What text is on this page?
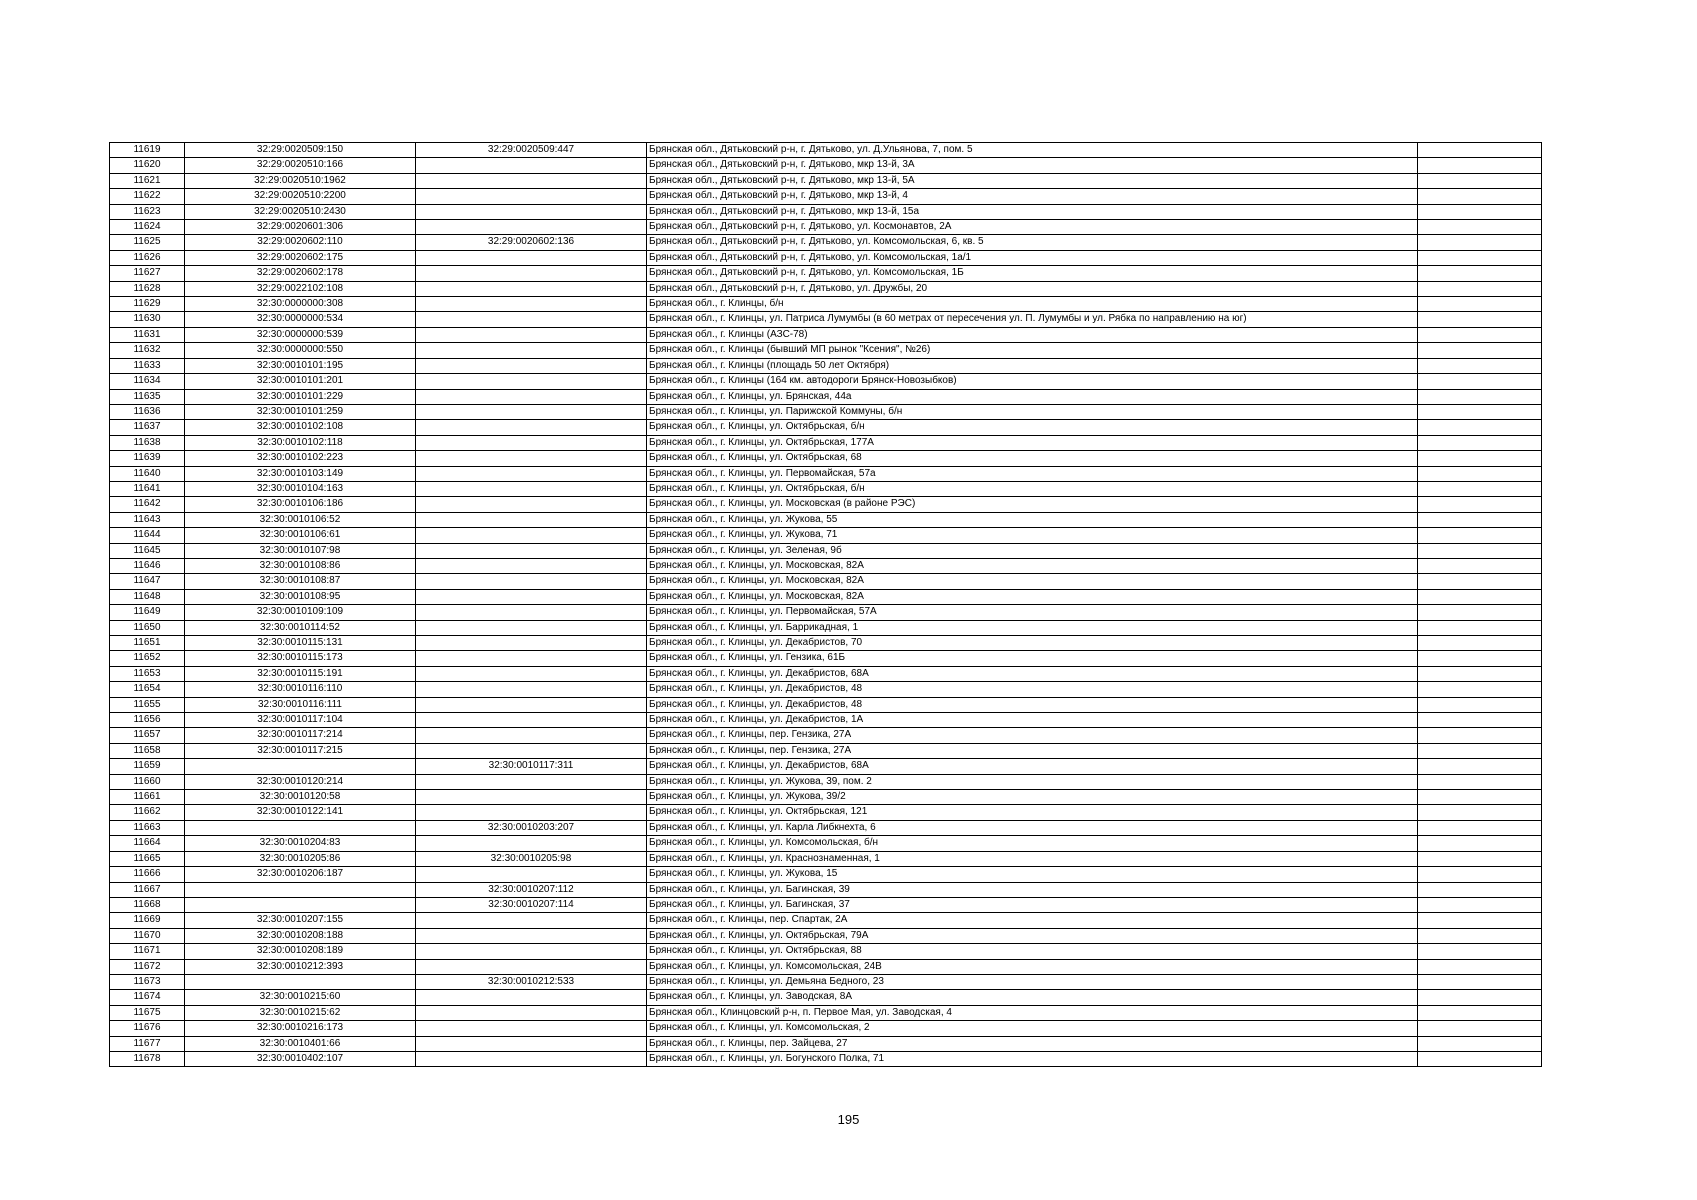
11619	32:29:0020509:150	32:29:0020509:447	Брянская обл., Дятьковский р-н, г. Дятьково, ул. Д.Ульянова, 7, пом. 5	
11620	32:29:0020510:166		Брянская обл., Дятьковский р-н, г. Дятьково, мкр 13-й, 3А	
11621	32:29:0020510:1962		Брянская обл., Дятьковский р-н, г. Дятьково, мкр 13-й, 5А	
11622	32:29:0020510:2200		Брянская обл., Дятьковский р-н, г. Дятьково, мкр 13-й, 4	
11623	32:29:0020510:2430		Брянская обл., Дятьковский р-н, г. Дятьково, мкр 13-й, 15а	
11624	32:29:0020601:306		Брянская обл., Дятьковский р-н, г. Дятьково, ул. Космонавтов, 2А	
11625	32:29:0020602:110	32:29:0020602:136	Брянская обл., Дятьковский р-н, г. Дятьково, ул. Комсомольская, 6, кв. 5	
11626	32:29:0020602:175		Брянская обл., Дятьковский р-н, г. Дятьково, ул. Комсомольская, 1а/1	
11627	32:29:0020602:178		Брянская обл., Дятьковский р-н, г. Дятьково, ул. Комсомольская, 1Б	
11628	32:29:0022102:108		Брянская обл., Дятьковский р-н, г. Дятьково, ул. Дружбы, 20	
11629	32:30:0000000:308		Брянская обл., г. Клинцы, б/н	
11630	32:30:0000000:534		Брянская обл., г. Клинцы, ул. Патриса Лумумбы (в 60 метрах от пересечения ул. П. Лумумбы и ул. Рябка по направлению на юг)	
11631	32:30:0000000:539		Брянская обл., г. Клинцы (АЗС-78)	
11632	32:30:0000000:550		Брянская обл., г. Клинцы (бывший МП рынок "Ксения", №26)	
11633	32:30:0010101:195		Брянская обл., г. Клинцы (площадь 50 лет Октября)	
11634	32:30:0010101:201		Брянская обл., г. Клинцы (164 км. автодороги Брянск-Новозыбков)	
11635	32:30:0010101:229		Брянская обл., г. Клинцы, ул. Брянская, 44а	
11636	32:30:0010101:259		Брянская обл., г. Клинцы, ул. Парижской Коммуны, б/н	
11637	32:30:0010102:108		Брянская обл., г. Клинцы, ул. Октябрьская, б/н	
11638	32:30:0010102:118		Брянская обл., г. Клинцы, ул. Октябрьская, 177А	
11639	32:30:0010102:223		Брянская обл., г. Клинцы, ул. Октябрьская, 68	
11640	32:30:0010103:149		Брянская обл., г. Клинцы, ул. Первомайская, 57а	
11641	32:30:0010104:163		Брянская обл., г. Клинцы, ул. Октябрьская, б/н	
11642	32:30:0010106:186		Брянская обл., г. Клинцы, ул. Московская (в районе РЭС)	
11643	32:30:0010106:52		Брянская обл., г. Клинцы, ул. Жукова, 55	
11644	32:30:0010106:61		Брянская обл., г. Клинцы, ул. Жукова, 71	
11645	32:30:0010107:98		Брянская обл., г. Клинцы, ул. Зеленая, 9б	
11646	32:30:0010108:86		Брянская обл., г. Клинцы, ул. Московская, 82А	
11647	32:30:0010108:87		Брянская обл., г. Клинцы, ул. Московская, 82А	
11648	32:30:0010108:95		Брянская обл., г. Клинцы, ул. Московская, 82А	
11649	32:30:0010109:109		Брянская обл., г. Клинцы, ул. Первомайская, 57А	
11650	32:30:0010114:52		Брянская обл., г. Клинцы, ул. Баррикадная, 1	
11651	32:30:0010115:131		Брянская обл., г. Клинцы, ул. Декабристов, 70	
11652	32:30:0010115:173		Брянская обл., г. Клинцы, ул. Гензика, 61Б	
11653	32:30:0010115:191		Брянская обл., г. Клинцы, ул. Декабристов, 68А	
11654	32:30:0010116:110		Брянская обл., г. Клинцы, ул. Декабристов, 48	
11655	32:30:0010116:111		Брянская обл., г. Клинцы, ул. Декабристов, 48	
11656	32:30:0010117:104		Брянская обл., г. Клинцы, ул. Декабристов, 1А	
11657	32:30:0010117:214		Брянская обл., г. Клинцы, пер. Гензика, 27А	
11658	32:30:0010117:215		Брянская обл., г. Клинцы, пер. Гензика, 27А	
11659		32:30:0010117:311	Брянская обл., г. Клинцы, ул. Декабристов, 68А	
11660	32:30:0010120:214		Брянская обл., г. Клинцы, ул. Жукова, 39, пом. 2	
11661	32:30:0010120:58		Брянская обл., г. Клинцы, ул. Жукова, 39/2	
11662	32:30:0010122:141		Брянская обл., г. Клинцы, ул. Октябрьская, 121	
11663		32:30:0010203:207	Брянская обл., г. Клинцы, ул. Карла Либкнехта, 6	
11664	32:30:0010204:83		Брянская обл., г. Клинцы, ул. Комсомольская, б/н	
11665	32:30:0010205:86	32:30:0010205:98	Брянская обл., г. Клинцы, ул. Краснознаменная, 1	
11666	32:30:0010206:187		Брянская обл., г. Клинцы, ул. Жукова, 15	
11667		32:30:0010207:112	Брянская обл., г. Клинцы, ул. Багинская, 39	
11668		32:30:0010207:114	Брянская обл., г. Клинцы, ул. Багинская, 37	
11669	32:30:0010207:155		Брянская обл., г. Клинцы, пер. Спартак, 2А	
11670	32:30:0010208:188		Брянская обл., г. Клинцы, ул. Октябрьская, 79А	
11671	32:30:0010208:189		Брянская обл., г. Клинцы, ул. Октябрьская, 88	
11672	32:30:0010212:393		Брянская обл., г. Клинцы, ул. Комсомольская, 24В	
11673		32:30:0010212:533	Брянская обл., г. Клинцы, ул. Демьяна Бедного, 23	
11674	32:30:0010215:60		Брянская обл., г. Клинцы, ул. Заводская, 8А	
11675	32:30:0010215:62		Брянская обл., Клинцовский р-н, п. Первое Мая, ул. Заводская, 4	
11676	32:30:0010216:173		Брянская обл., г. Клинцы, ул. Комсомольская, 2	
11677	32:30:0010401:66		Брянская обл., г. Клинцы, пер. Зайцева, 27	
11678	32:30:0010402:107		Брянская обл., г. Клинцы, ул. Богунского Полка, 71	
195
